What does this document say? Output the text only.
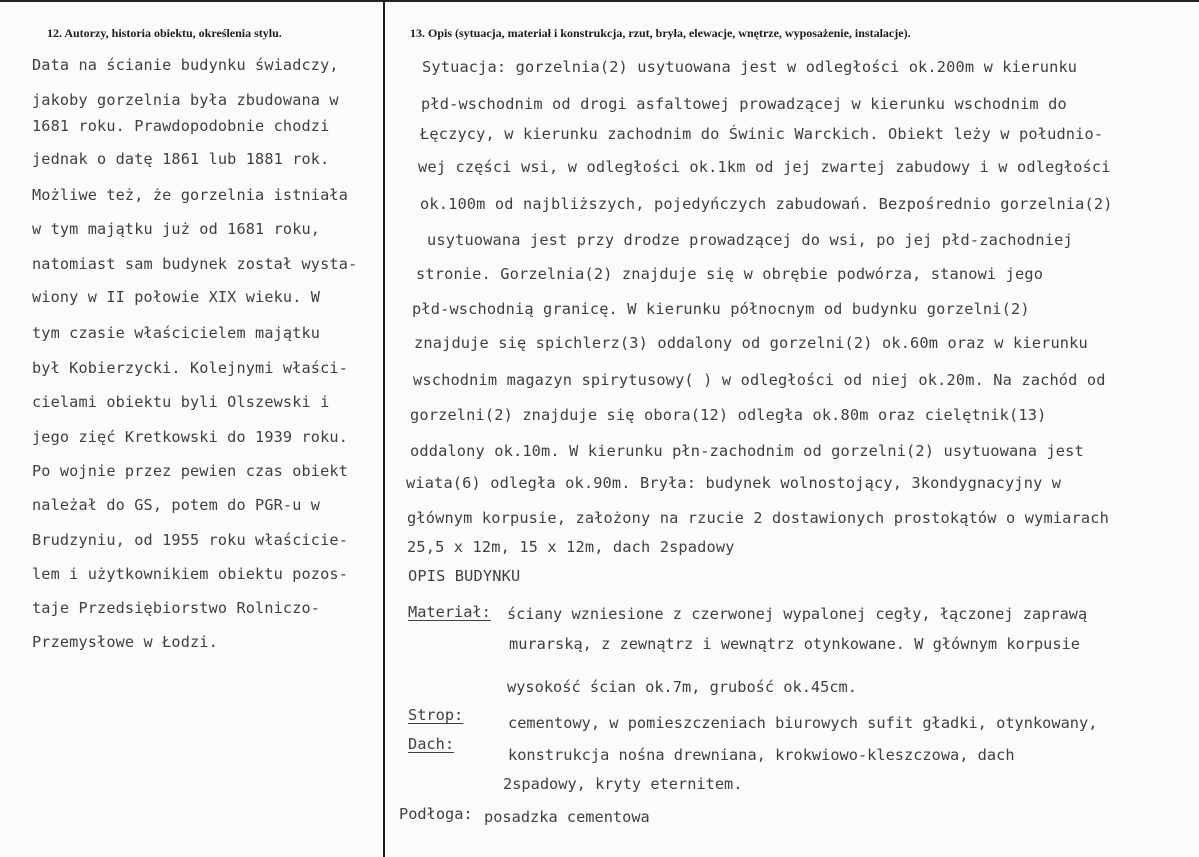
12. Autorzy, historia obiektu, określenia stylu.	13. Opis (sytuacja, materiał i konstrukcja, rzut, bryła, elewacje, wnętrze, wyposażenie, instalacje).
Data na ścianie budynku świadczy,
jakoby gorzelnia była zbudowana w
1681 roku. Prawdopodobnie chodzi
jednak o datę 1861 lub 1881 rok.
Możliwe też, że gorzelnia istniała
w tym majątku już od 1681 roku,
natomiast sam budynek został wysta-
wiony w II połowie XIX wieku. W
tym czasie właścicielem majątku
był Kobierzycki. Kolejnymi właści-
cielami obiektu byli Olszewski i
jego zięć Kretkowski do 1939 roku.
Po wojnie przez pewien czas obiekt
należał do GS, potem do PGR-u w
Brudzyniu, od 1955 roku właściciе-
lem i użytkownikiem obiektu pozos-
taje Przedsiębiorstwo Rolniczo-
Przemysłowe w Łodzi.
Sytuacja: gorzelnia(2) usytuowana jest w odległości ok.200m w kierunku
płd-wschodnim od drogi asfaltowej prowadzącej w kierunku wschodnim do
Łęczycy, w kierunku zachodnim do Świnic Warckich. Obiekt leży w południo-
wej części wsi, w odległości ok.1km od jej zwartej zabudowy i w odległości
ok.100m od najbliższych, pojedyńczych zabudowań. Bezpośrednio gorzelnia(2)
usytuowana jest przy drodze prowadzącej do wsi, po jej płd-zachodniej
stronie. Gorzelnia(2) znajduje się w obrębie podwórza, stanowi jego
płd-wschodnią granicę. W kierunku północnym od budynku gorzelni(2)
znajduje się spichlerz(3) oddalony od gorzelni(2) ok.60m oraz w kierunku
wschodnim magazyn spirytusowy( ) w odległości od niej ok.20m. Na zachód od
gorzelni(2) znajduje się obora(12) odległa ok.80m oraz cielętnik(13)
oddalony ok.10m. W kierunku płn-zachodnim od gorzelni(2) usytuowana jest
wiata(6) odległa ok.90m. Bryła: budynek wolnostojący, 3kondygnacyjny w
głównym korpusie, założony na rzucie 2 dostawionych prostokątów o wymiarach
25,5 x 12m, 15 x 12m, dach 2spadowy
OPIS BUDYNKU
Materiał: ściany wzniesione z czerwonej wypalonej cegły, łączonej zaprawą
murarską, z zewnątrz i wewnątrz otynkowane. W głównym korpusie
wysokość ścian ok.7m, grubość ok.45cm.
Strop:	cementowy, w pomieszczeniach biurowych sufit gładki, otynkowany,
Dach:
konstrukcja nośna drewniana, krokwiowo-kleszczowa, dach
2spadowy, kryty eternitem.
Podłoga: posadzka cementowa
